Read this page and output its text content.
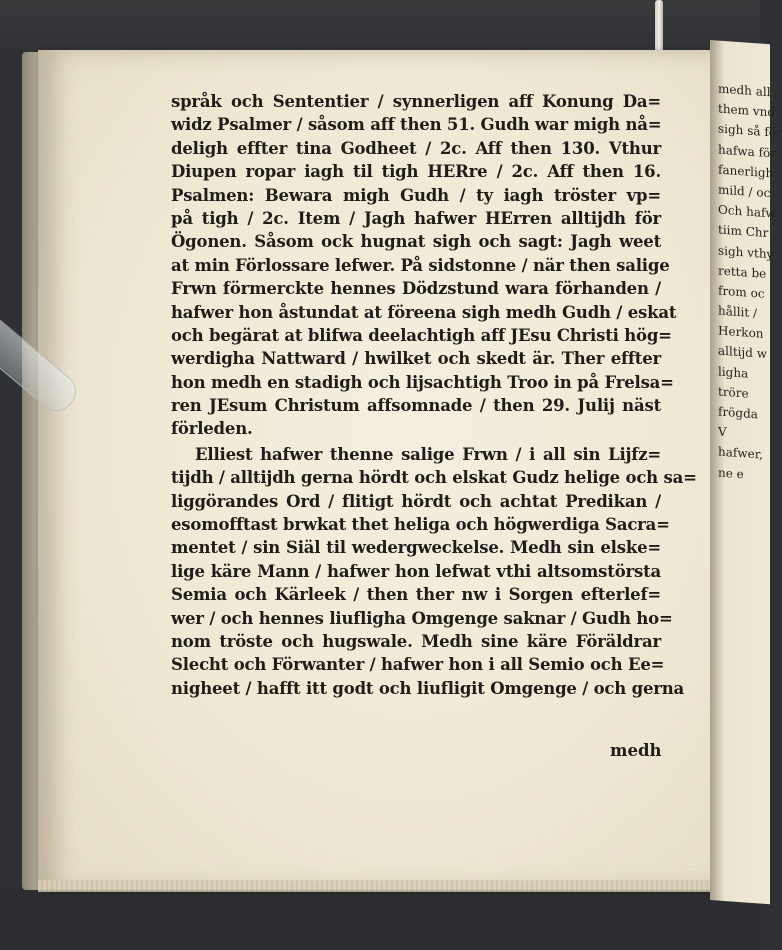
medh all
them vnd
sigh så för
hafwa för
fanerligh
mild / oc
Och hafw
tiim Chr
sigh vthy
retta be
from oc
hållit /
Herkon
alltijd w
ligha
tröre
frögda
V
hafwer,
ne e
språk och Sententier / synnerligen aff Konung Da=
widz Psalmer / såsom aff then 51. Gudh war migh nå=
deligh effter tina Godheet / 2c. Aff then 130. Vthur
Diupen ropar iagh til tigh HERre / 2c. Aff then 16.
Psalmen: Bewara migh Gudh / ty iagh tröster vp=
på tigh / 2c. Item / Jagh hafwer HErren alltijdh för
Ögonen. Såsom ock hugnat sigh och sagt: Jagh weet
at min Förlossare lefwer. På sidstonne / när then salige
Frwn förmerckte hennes Dödzstund wara förhanden /
hafwer hon åstundat at föreena sigh medh Gudh / eskat
och begärat at blifwa deelachtigh aff JEsu Christi hög=
werdigha Nattward / hwilket och skedt är. Ther effter
hon medh en stadigh och lijsachtigh Troo in på Frelsa=
ren JEsum Christum affsomnade / then 29. Julij näst
förleden.
Elliest hafwer thenne salige Frwn / i all sin Lijfz=
tijdh / alltijdh gerna hördt och elskat Gudz helige och sa=
liggörandes Ord / flitigt hördt och achtat Predikan /
esomofftast brwkat thet heliga och högwerdiga Sacra=
mentet / sin Siäl til wedergweckelse. Medh sin elske=
lige käre Mann / hafwer hon lefwat vthi altsomstörsta
Semia och Kärleek / then ther nw i Sorgen efterlef=
wer / och hennes liufligha Omgenge saknar / Gudh ho=
nom tröste och hugswale. Medh sine käre Föräldrar
Slecht och Förwanter / hafwer hon i all Semio och Ee=
nigheet / hafft itt godt och liufligit Omgenge / och gerna
medh
